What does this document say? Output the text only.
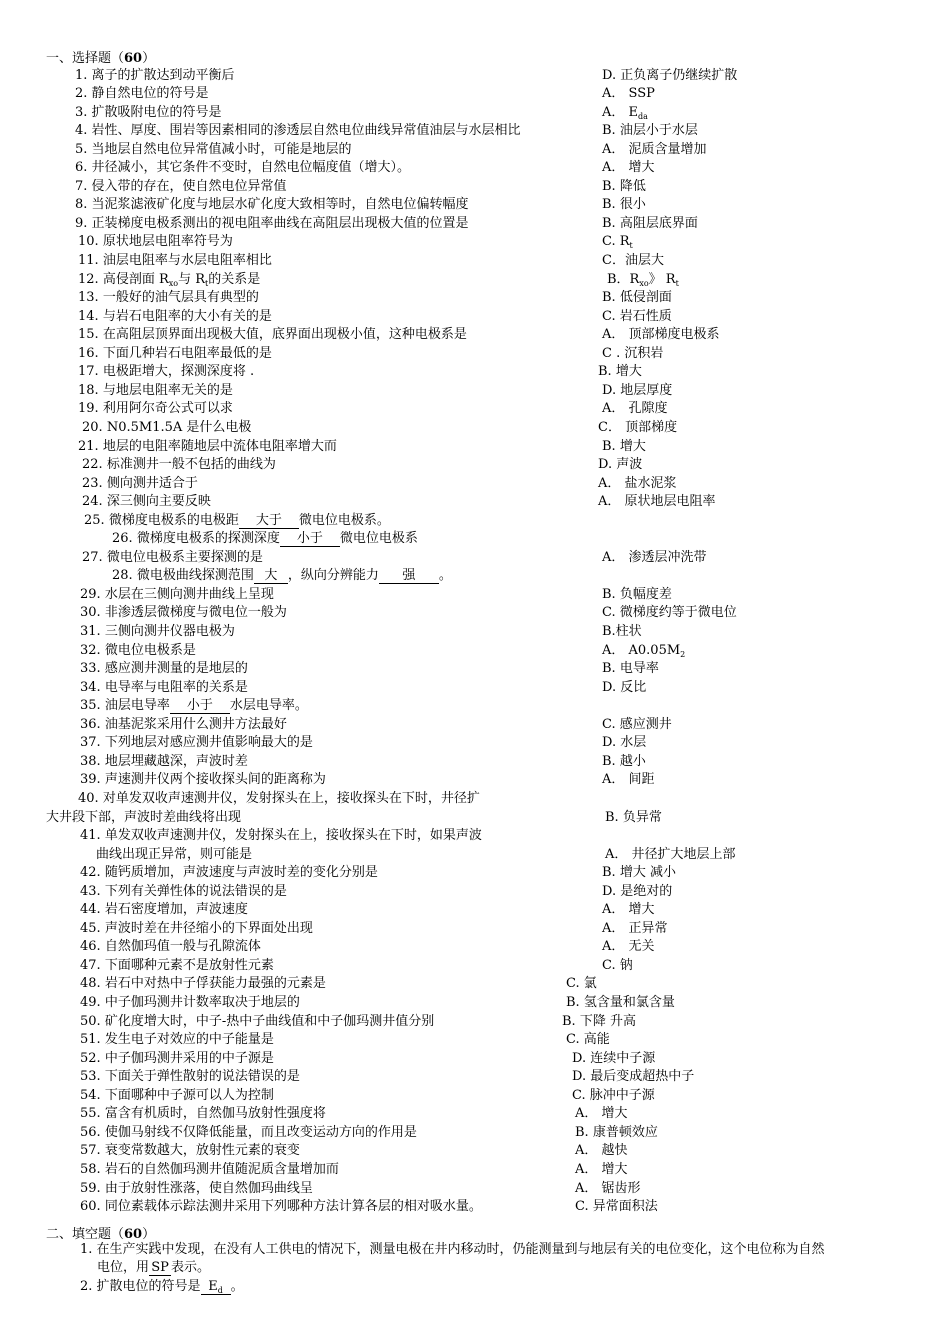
一、选择题（60）
1. 离子的扩散达到动平衡后	D. 正负离子仍继续扩散
2. 静自然电位的符号是	A． SSP
3. 扩散吸附电位的符号是	A． $E_{da}$
4. 岩性、厚度、围岩等因素相同的渗透层自然电位曲线异常值油层与水层相比	B. 油层小于水层
5. 当地层自然电位异常值减小时，可能是地层的	A． 泥质含量增加
6. 井径减小，其它条件不变时，自然电位幅度值（增大）。	A． 增大
7. 侵入带的存在，使自然电位异常值	B. 降低
8. 当泥浆滤液矿化度与地层水矿化度大致相等时，自然电位偏转幅度	B. 很小
9. 正装梯度电极系测出的视电阻率曲线在高阻层出现极大值的位置是	B. 高阻层底界面
10. 原状地层电阻率符号为	C. $R_t$
11. 油层电阻率与水层电阻率相比	C．油层大
12. 高侵剖面 $R_{xo}$与 $R_t$的关系是	B．$R_{xo}$》 $R_t$
13. 一般好的油气层具有典型的	B. 低侵剖面
14. 与岩石电阻率的大小有关的是	C. 岩石性质
15. 在高阻层顶界面出现极大值，底界面出现极小值，这种电极系是	A． 顶部梯度电极系
16. 下面几种岩石电阻率最低的是	C . 沉积岩
17. 电极距增大，探测深度将 .	B. 增大
18. 与地层电阻率无关的是	D. 地层厚度
19. 利用阿尔奇公式可以求	A． 孔隙度
20. N0.5M1.5A 是什么电极	C． 顶部梯度
21. 地层的电阻率随地层中流体电阻率增大而	B. 增大
22. 标准测井一般不包括的曲线为	D. 声波
23. 侧向测井适合于	A． 盐水泥浆
24. 深三侧向主要反映	A． 原状地层电阻率
25. 微梯度电极系的电极距 大于 微电位电极系。
26. 微梯度电极系的探测深度 小于 微电位电极系
27. 微电位电极系主要探测的是	A． 渗透层冲洗带
28. 微电极曲线探测范围 大 ，纵向分辨能力 强 。
29. 水层在三侧向测井曲线上呈现	B. 负幅度差
30. 非渗透层微梯度与微电位一般为	C. 微梯度约等于微电位
31. 三侧向测井仪器电极为	B.柱状
32. 微电位电极系是	A． $A0.05M_2$
33. 感应测井测量的是地层的	B. 电导率
34. 电导率与电阻率的关系是	D. 反比
35. 油层电导率 小于 水层电导率。
36. 油基泥浆采用什么测井方法最好	C. 感应测井
37. 下列地层对感应测井值影响最大的是	D. 水层
38. 地层埋藏越深，声波时差	B. 越小
39. 声速测井仪两个接收探头间的距离称为	A． 间距
40. 对单发双收声速测井仪，发射探头在上，接收探头在下时，井径扩
大井段下部，声波时差曲线将出现	B. 负异常
41. 单发双收声速测井仪，发射探头在上，接收探头在下时，如果声波
曲线出现正异常，则可能是	A． 井径扩大地层上部
42. 随钙质增加，声波速度与声波时差的变化分别是	B. 增大 减小
43. 下列有关弹性体的说法错误的是	D. 是绝对的
44. 岩石密度增加，声波速度	A． 增大
45. 声波时差在井径缩小的下界面处出现	A． 正异常
46. 自然伽玛值一般与孔隙流体	A． 无关
47. 下面哪种元素不是放射性元素	C. 钠
48. 岩石中对热中子俘获能力最强的元素是	C. 氯
49. 中子伽玛测井计数率取决于地层的	B. 氢含量和氯含量
50. 矿化度增大时，中子-热中子曲线值和中子伽玛测井值分别	B. 下降 升高
51. 发生电子对效应的中子能量是	C. 高能
52. 中子伽玛测井采用的中子源是	D. 连续中子源
53. 下面关于弹性散射的说法错误的是	D. 最后变成超热中子
54. 下面哪种中子源可以人为控制	C. 脉冲中子源
55. 富含有机质时，自然伽马放射性强度将	A． 增大
56. 使伽马射线不仅降低能量，而且改变运动方向的作用是	B. 康普顿效应
57. 衰变常数越大，放射性元素的衰变	A． 越快
58. 岩石的自然伽玛测井值随泥质含量增加而	A． 增大
59. 由于放射性涨落，使自然伽玛曲线呈	A． 锯齿形
60. 同位素载体示踪法测井采用下列哪种方法计算各层的相对吸水量。	C. 异常面积法
二、填空题（60）
1. 在生产实践中发现，在没有人工供电的情况下，测量电极在井内移动时，仍能测量到与地层有关的电位变化，这个电位称为自然
电位，用 SP 表示。
2. 扩散电位的符号是 $E_d$ 。
